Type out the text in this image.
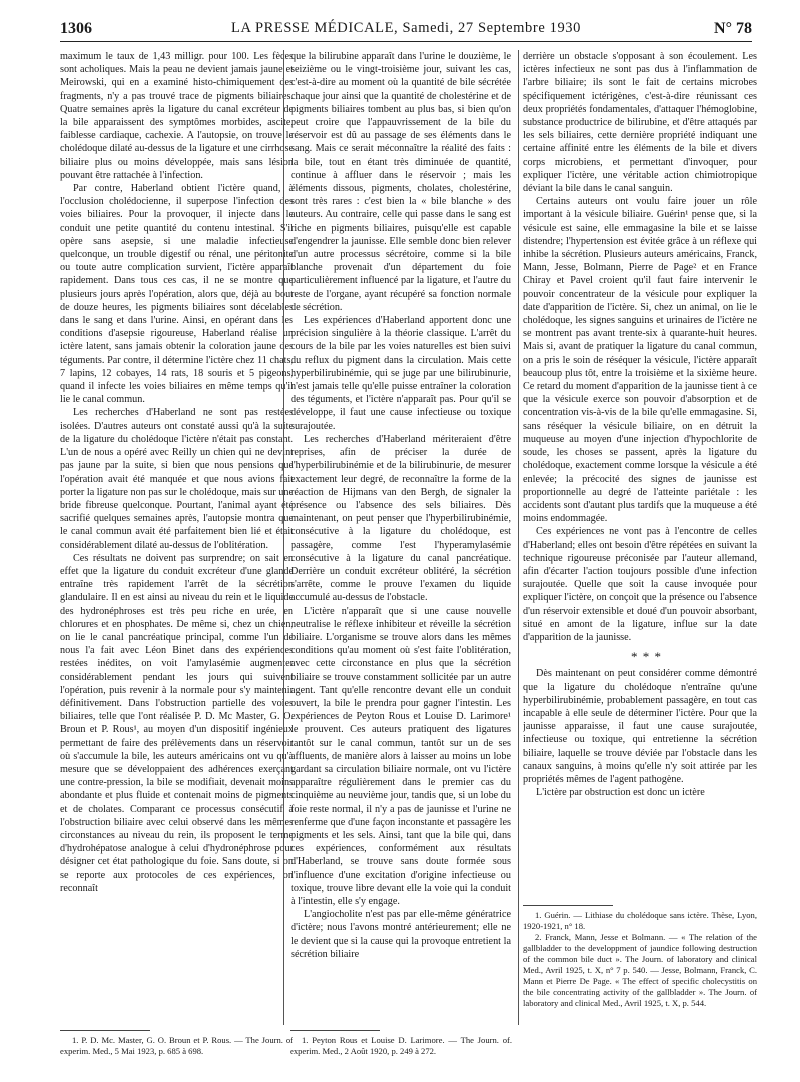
1306	LA PRESSE MÉDICALE, Samedi, 27 Septembre 1930	N° 78

maximum le taux de 1,43 milligr. pour 100. Les fèces sont acholiques. Mais la peau ne devient jamais jaune et Meirowski, qui en a examiné histo-chimiquement des fragments, n'y a pas trouvé trace de pigments biliaires. Quatre semaines après la ligature du canal excréteur de la bile apparaissent des symptômes morbides, ascite, faiblesse cardiaque, cachexie. A l'autopsie, on trouve le cholédoque dilaté au-dessus de la ligature et une cirrhose biliaire plus ou moins développée, mais sans lésion pouvant être rattachée à l'infection.

Par contre, Haberland obtient l'ictère quand, à l'occlusion cholédocienne, il superpose l'infection des voies biliaires. Pour la provoquer, il injecte dans le conduit une petite quantité du contenu intestinal. S'il opère sans asepsie, si une maladie infectieuse quelconque, un trouble digestif ou rénal, une péritonite ou toute autre complication survient, l'ictère apparaît rapidement. Dans tous ces cas, il ne se montre que plusieurs jours après l'opération, alors que, déjà au bout de douze heures, les pigments biliaires sont décelables dans le sang et dans l'urine. Ainsi, en opérant dans les conditions d'asepsie rigoureuse, Haberland réalise un ictère latent, sans jamais obtenir la coloration jaune des téguments. Par contre, il détermine l'ictère chez 11 chats, 7 lapins, 12 cobayes, 14 rats, 18 souris et 5 pigeons, quand il infecte les voies biliaires en même temps qu'il lie le canal commun.

Les recherches d'Haberland ne sont pas restées isolées. D'autres auteurs ont constaté aussi qu'à la suite de la ligature du cholédoque l'ictère n'était pas constant. L'un de nous a opéré avec Reilly un chien qui ne devint pas jaune par la suite, si bien que nous pensions que l'opération avait été manquée et que nous avions fait porter la ligature non pas sur le cholédoque, mais sur une bride fibreuse quelconque. Pourtant, l'animal ayant été sacrifié quelques semaines après, l'autopsie montra que le canal commun avait été parfaitement bien lié et était considérablement dilaté au-dessus de l'oblitération.

Ces résultats ne doivent pas surprendre; on sait en effet que la ligature du conduit excréteur d'une glande entraîne très rapidement l'arrêt de la sécrétion glandulaire. Il en est ainsi au niveau du rein et le liquide des hydronéphroses est très peu riche en urée, en chlorures et en phosphates. De même si, chez un chien, on lie le canal pancréatique principal, comme l'un de nous l'a fait avec Léon Binet dans des expériences restées inédites, on voit l'amylasémie augmenter considérablement pendant les jours qui suivent l'opération, puis revenir à la normale pour s'y maintenir définitivement. Dans l'obstruction partielle des voies biliaires, telle que l'ont réalisée P. D. Mc Master, G. O. Broun et P. Rous¹, au moyen d'un dispositif ingénieux permettant de faire des prélèvements dans un réservoir où s'accumule la bile, les auteurs américains ont vu qu'à mesure que se développaient des adhérences exerçant une contre-pression, la bile se modifiait, devenait moins abondante et plus fluide et contenait moins de pigments et de cholates. Comparant ce processus consécutif à l'obstruction biliaire avec celui observé dans les mêmes circonstances au niveau du rein, ils proposent le terme d'hydrohépatose analogue à celui d'hydronéphrose pour désigner cet état pathologique du foie. Sans doute, si on se reporte aux protocoles de ces expériences, on reconnaît

que la bilirubine apparaît dans l'urine le douzième, le seizième ou le vingt-troisième jour, suivant les cas, c'est-à-dire au moment où la quantité de bile sécrétée chaque jour ainsi que la quantité de cholestérine et de pigments biliaires tombent au plus bas, si bien qu'on peut croire que l'appauvrissement de la bile du réservoir est dû au passage de ses éléments dans le sang. Mais ce serait méconnaître la réalité des faits : la bile, tout en étant très diminuée de quantité, continue à affluer dans le réservoir ; mais les éléments dissous, pigments, cholates, cholestérine, sont très rares : c'est bien la « bile blanche » des auteurs. Au contraire, celle qui passe dans le sang est riche en pigments biliaires, puisqu'elle est capable d'engendrer la jaunisse. Elle semble donc bien relever d'un autre processus sécrétoire, comme si la bile blanche provenait d'un département du foie particulièrement influencé par la ligature, et l'autre du reste de l'organe, ayant récupéré sa fonction normale de sécrétion.

Les expériences d'Haberland apportent donc une précision singulière à la théorie classique. L'arrêt du cours de la bile par les voies naturelles est bien suivi du reflux du pigment dans la circulation. Mais cette hyperbilirubinémie, qui se juge par une bilirubinurie, n'est jamais telle qu'elle puisse entraîner la coloration des téguments, et l'ictère n'apparaît pas. Pour qu'il se développe, il faut une cause infectieuse ou toxique surajoutée.

Les recherches d'Haberland mériteraient d'être reprises, afin de préciser la durée de l'hyperbilirubinémie et de la bilirubinurie, de mesurer exactement leur degré, de reconnaître la forme de la réaction de Hijmans van den Bergh, de signaler la présence ou l'absence des sels biliaires. Dès maintenant, on peut penser que l'hyperbilirubinémie, consécutive à la ligature du cholédoque, est passagère, comme l'est l'hyperamylasémie consécutive à la ligature du canal pancréatique. Derrière un conduit excréteur oblitéré, la sécrétion s'arrête, comme le prouve l'examen du liquide accumulé au-dessus de l'obstacle.

L'ictère n'apparaît que si une cause nouvelle neutralise le réflexe inhibiteur et réveille la sécrétion biliaire. L'organisme se trouve alors dans les mêmes conditions qu'au moment où s'est faite l'oblitération, avec cette circonstance en plus que la sécrétion biliaire se trouve constamment sollicitée par un autre agent. Tant qu'elle rencontre devant elle un conduit ouvert, la bile le prendra pour gagner l'intestin. Les expériences de Peyton Rous et Louise D. Larimore¹ le prouvent. Ces auteurs pratiquent des ligatures tantôt sur le canal commun, tantôt sur un de ses affluents, de manière alors à laisser au moins un lobe gardant sa circulation biliaire normale, ont vu l'ictère apparaître régulièrement dans le premier cas du cinquième au neuvième jour, tandis que, si un lobe du foie reste normal, il n'y a pas de jaunisse et l'urine ne renferme que d'une façon inconstante et passagère les pigments et les sels. Ainsi, tant que la bile qui, dans ces expériences, conformément aux résultats d'Haberland, se trouve sans doute formée sous l'influence d'une excitation d'origine infectieuse ou toxique, trouve libre devant elle la voie qui la conduit à l'intestin, elle s'y engage.

L'angiocholite n'est pas par elle-même génératrice d'ictère; nous l'avons montré antérieurement; elle ne le devient que si la cause qui la provoque entretient la sécrétion biliaire

derrière un obstacle s'opposant à son écoulement. Les ictères infectieux ne sont pas dus à l'inflammation de l'arbre biliaire; ils sont le fait de certains microbes spécifiquement ictérigènes, c'est-à-dire réunissant ces deux propriétés fondamentales, d'attaquer l'hémoglobine, substance productrice de bilirubine, et d'être attaqués par les sels biliaires, cette dernière propriété indiquant une certaine affinité entre les éléments de la bile et divers corps microbiens, et permettant d'invoquer, pour expliquer l'ictère, une véritable action chimiotropique déviant la bile dans le canal sanguin.

Certains auteurs ont voulu faire jouer un rôle important à la vésicule biliaire. Guérin¹ pense que, si la vésicule est saine, elle emmagasine la bile et se laisse distendre; l'hypertension est évitée grâce à un réflexe qui inhibe la sécrétion. Plusieurs auteurs américains, Franck, Mann, Jesse, Bolmann, Pierre de Page² et en France Chiray et Pavel croient qu'il faut faire intervenir le pouvoir concentrateur de la vésicule pour expliquer la date d'apparition de l'ictère. Si, chez un animal, on lie le cholédoque, les signes sanguins et urinaires de l'ictère ne se montrent pas avant trente-six à quarante-huit heures. Mais si, avant de pratiquer la ligature du canal commun, on a pris le soin de réséquer la vésicule, l'ictère apparaît beaucoup plus tôt, entre la troisième et la sixième heure. Ce retard du moment d'apparition de la jaunisse tient à ce que la vésicule exerce son pouvoir d'absorption et de concentration vis-à-vis de la bile qu'elle emmagasine. Si, sans réséquer la vésicule biliaire, on en détruit la muqueuse au moyen d'une injection d'hypochlorite de soude, les choses se passent, après la ligature du cholédoque, exactement comme lorsque la vésicule a été enlevée; la précocité des signes de jaunisse est proportionnelle au degré de l'atteinte pariétale : les accidents sont d'autant plus tardifs que la muqueuse a été moins endommagée.

Ces expériences ne vont pas à l'encontre de celles d'Haberland; elles ont besoin d'être répétées en suivant la technique rigoureuse préconisée par l'auteur allemand, afin d'écarter l'action toujours possible d'une infection surajoutée. Quelle que soit la cause invoquée pour expliquer l'ictère, on conçoit que la présence ou l'absence d'un réservoir extensible et doué d'un pouvoir absorbant, situé en amont de la ligature, influe sur la date d'apparition de la jaunisse.

* * *

Dès maintenant on peut considérer comme démontré que la ligature du cholédoque n'entraîne qu'une hyperbilirubinémie, probablement passagère, en tout cas incapable à elle seule de déterminer l'ictère. Pour que la jaunisse apparaisse, il faut une cause surajoutée, infectieuse ou toxique, qui entretienne la sécrétion biliaire, laquelle se trouve déviée par l'obstacle dans les canaux sanguins, à moins qu'elle n'y soit attirée par les propriétés mêmes de l'agent pathogène.

L'ictère par obstruction est donc un ictère

1. P. D. Mc. Master, G. O. Broun et P. Rous. — The Journ. of experim. Med., 5 Mai 1923, p. 685 à 698.

1. Peyton Rous et Louise D. Larimore. — The Journ. of. experim. Med., 2 Août 1920, p. 249 à 272.

1. Guérin. — Lithiase du cholédoque sans ictère. Thèse, Lyon, 1920-1921, n° 18.

2. Franck, Mann, Jesse et Bolmann. — « The relation of the gallbladder to the developpment of jaundice following destruction of the common bile duct ». The Journ. of laboratory and clinical Med., Avril 1925, t. X, n° 7 p. 540. — Jesse, Bolmann, Franck, C. Mann et Pierre De Page. « The effect of specific cholecystitis on the bile concentrating activity of the gallbladder ». The Journ. of laboratory and clinical Med., Avril 1925, t. X, p. 544.
